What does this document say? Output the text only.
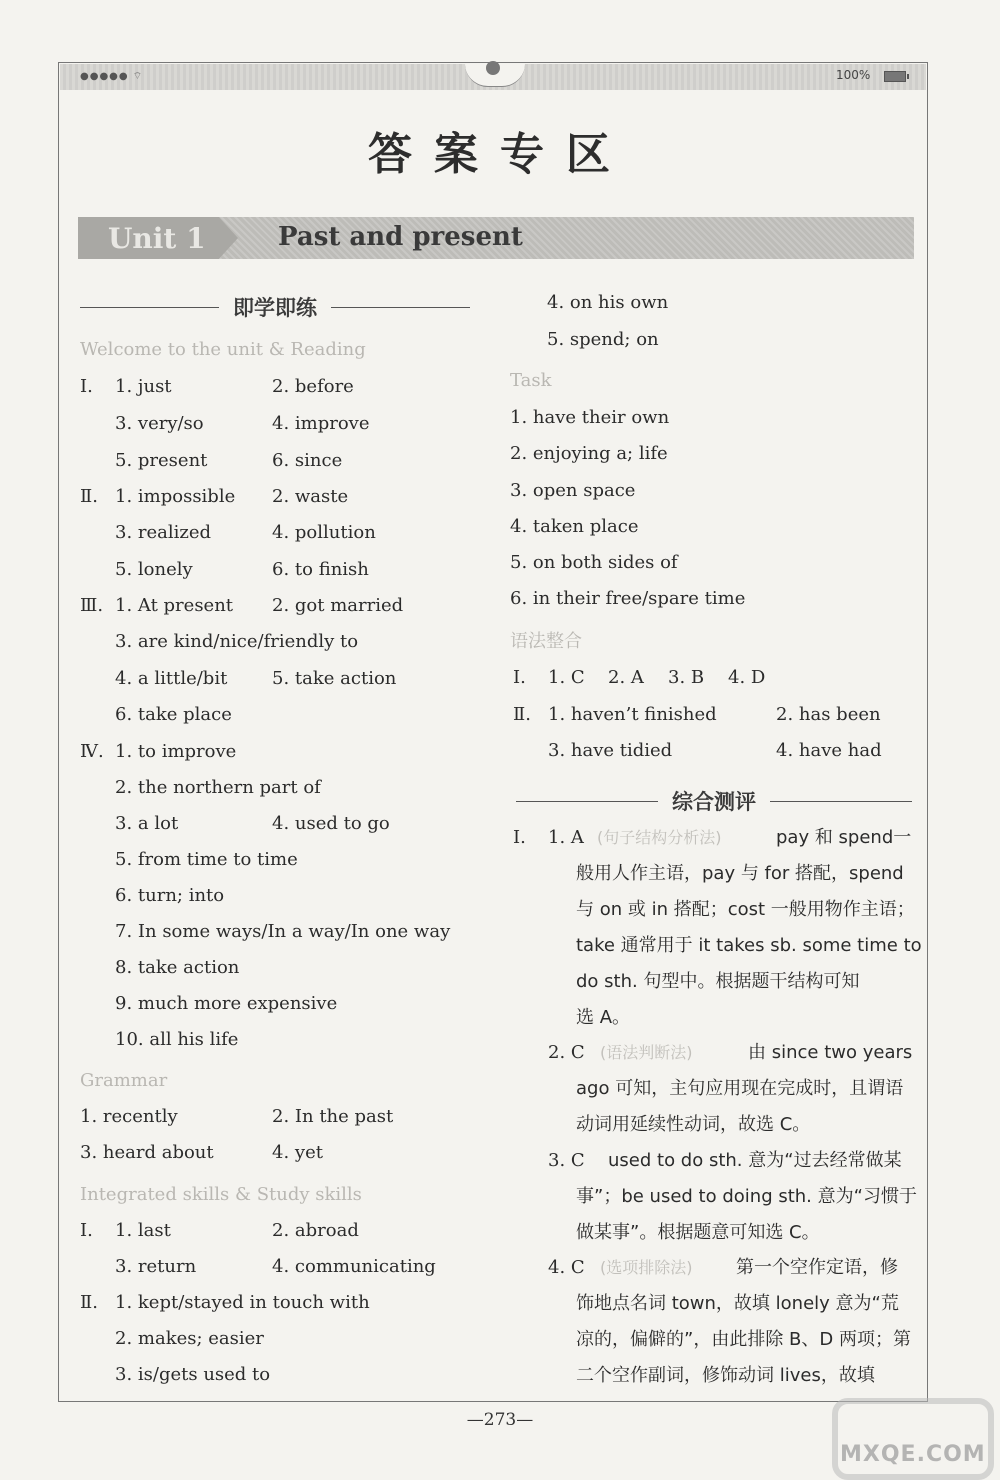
●●●●● ⌔	100%
答案专区
Unit 1	Past and present
即学即练
Welcome to the unit & Reading
Ⅰ. 1. just	2. before
3. very/so	4. improve
5. present	6. since
Ⅱ. 1. impossible 2. waste
3. realized	4. pollution
5. lonely	6. to finish
Ⅲ. 1. At present 2. got married
3. are kind/nice/friendly to
4. a little/bit 5. take action
6. take place
Ⅳ. 1. to improve
2. the northern part of
3. a lot	4. used to go
5. from time to time
6. turn; into
7. In some ways/In a way/In one way
8. take action
9. much more expensive
10. all his life
Grammar
1. recently	2. In the past
3. heard about	4. yet
Integrated skills & Study skills
Ⅰ. 1. last	2. abroad
3. return	4. communicating
Ⅱ. 1. kept/stayed in touch with
2. makes; easier
3. is/gets used to
4. on his own
5. spend; on
Task
1. have their own
2. enjoying a; life
3. open space
4. taken place
5. on both sides of
6. in their free/spare time
语法整合
Ⅰ. 1. C 2. A 3. B 4. D
Ⅱ. 1. haven’t finished	2. has been
3. have tidied	4. have had
综合测评
Ⅰ. 1. A (句子结构分析法)	pay 和 spend一
般用人作主语，pay 与 for 搭配，spend
与 on 或 in 搭配；cost 一般用物作主语；
take 通常用于 it takes sb. some time to
do sth. 句型中。根据题干结构可知
选 A。
2. C (语法判断法)	由 since two years
ago 可知，主句应用现在完成时，且谓语
动词用延续性动词，故选 C。
3. C used to do sth. 意为“过去经常做某
事”；be used to doing sth. 意为“习惯于
做某事”。根据题意可知选 C。
4. C (选项排除法) 第一个空作定语，修
饰地点名词 town，故填 lonely 意为“荒
凉的，偏僻的”，由此排除 B、D 两项；第
二个空作副词，修饰动词 lives，故填
—273—
MXQE.COM
